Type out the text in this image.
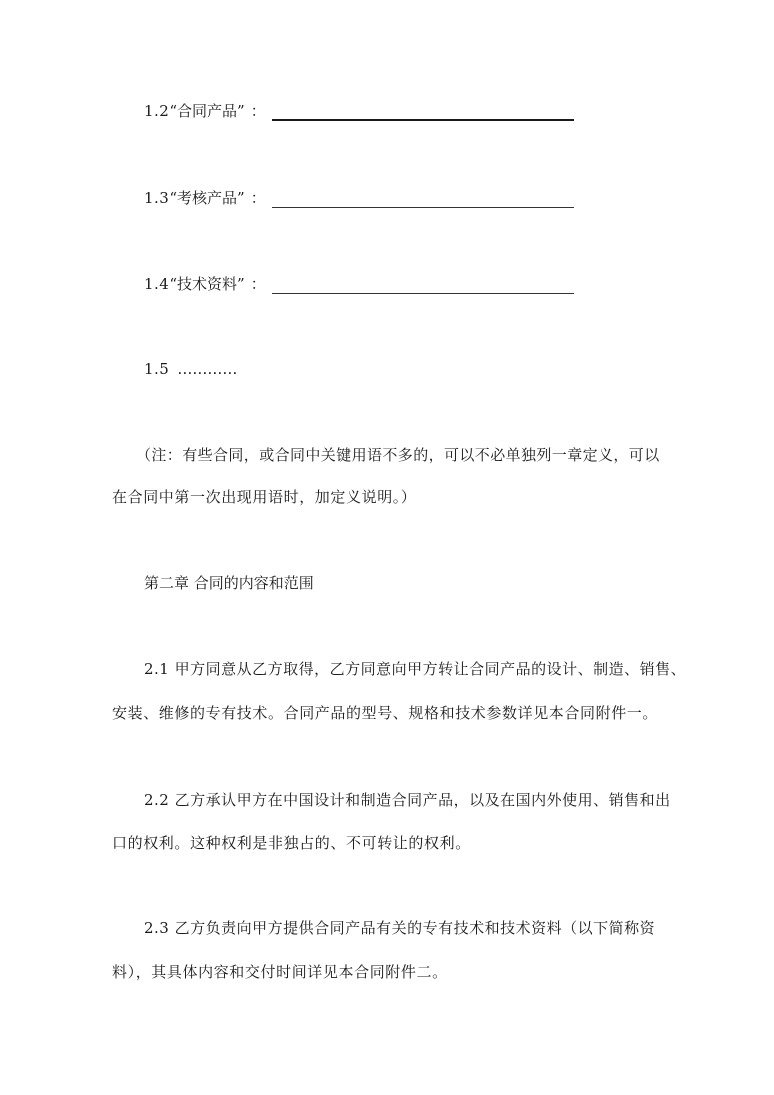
1.2 “合同产品” ：
1.3 “考核产品” ：
1.4 “技术资料” ：
1.5 …………
（注：有些合同，或合同中关键用语不多的，可以不必单独列一章定义，可以
在合同中第一次出现用语时，加定义说明。）
第二章 合同的内容和范围
2.1 甲方同意从乙方取得，乙方同意向甲方转让合同产品的设计、制造、销售、
安装、维修的专有技术。合同产品的型号、规格和技术参数详见本合同附件一。
2.2 乙方承认甲方在中国设计和制造合同产品，以及在国内外使用、销售和出
口的权利。这种权利是非独占的、不可转让的权利。
2.3 乙方负责向甲方提供合同产品有关的专有技术和技术资料（以下简称资
料），其具体内容和交付时间详见本合同附件二。
